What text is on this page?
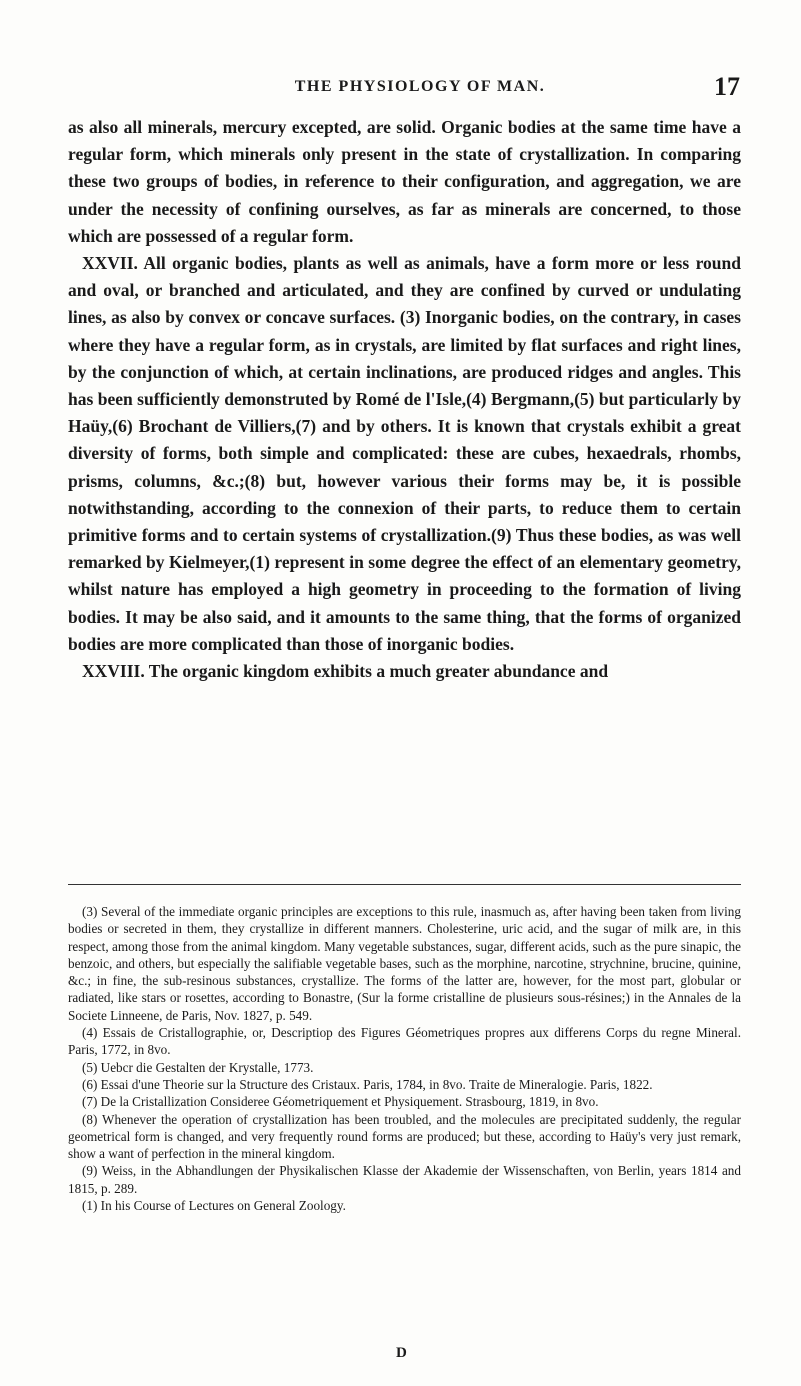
THE PHYSIOLOGY OF MAN.	17

as also all minerals, mercury excepted, are solid. Organic bodies at the same time have a regular form, which minerals only present in the state of crystallization. In comparing these two groups of bodies, in reference to their configuration, and aggregation, we are under the necessity of confining ourselves, as far as minerals are concerned, to those which are possessed of a regular form.

XXVII. All organic bodies, plants as well as animals, have a form more or less round and oval, or branched and articulated, and they are confined by curved or undulating lines, as also by convex or concave surfaces. (3) Inorganic bodies, on the contrary, in cases where they have a regular form, as in crystals, are limited by flat surfaces and right lines, by the conjunction of which, at certain inclinations, are produced ridges and angles. This has been sufficiently demonstruted by Romé de l'Isle,(4) Bergmann,(5) but particularly by Haüy,(6) Brochant de Villiers,(7) and by others. It is known that crystals exhibit a great diversity of forms, both simple and complicated: these are cubes, hexaedrals, rhombs, prisms, columns, &c.;(8) but, however various their forms may be, it is possible notwithstanding, according to the connexion of their parts, to reduce them to certain primitive forms and to certain systems of crystallization.(9) Thus these bodies, as was well remarked by Kielmeyer,(1) represent in some degree the effect of an elementary geometry, whilst nature has employed a high geometry in proceeding to the formation of living bodies. It may be also said, and it amounts to the same thing, that the forms of organized bodies are more complicated than those of inorganic bodies.

XXVIII. The organic kingdom exhibits a much greater abundance and

(3) Several of the immediate organic principles are exceptions to this rule, inasmuch as, after having been taken from living bodies or secreted in them, they crystallize in different manners. Cholesterine, uric acid, and the sugar of milk are, in this respect, among those from the animal kingdom. Many vegetable substances, sugar, different acids, such as the pure sinapic, the benzoic, and others, but especially the salifiable vegetable bases, such as the morphine, narcotine, strychnine, brucine, quinine, &c.; in fine, the sub-resinous substances, crystallize. The forms of the latter are, however, for the most part, globular or radiated, like stars or rosettes, according to Bonastre, (Sur la forme cristalline de plusieurs sous-résines;) in the Annales de la Societe Linneene, de Paris, Nov. 1827, p. 549.

(4) Essais de Cristallographie, or, Descriptiop des Figures Géometriques propres aux differens Corps du regne Mineral. Paris, 1772, in 8vo.

(5) Uebcr die Gestalten der Krystalle, 1773.

(6) Essai d'une Theorie sur la Structure des Cristaux. Paris, 1784, in 8vo. Traite de Mineralogie. Paris, 1822.

(7) De la Cristallization Consideree Géometriquement et Physiquement. Strasbourg, 1819, in 8vo.

(8) Whenever the operation of crystallization has been troubled, and the molecules are precipitated suddenly, the regular geometrical form is changed, and very frequently round forms are produced; but these, according to Haüy's very just remark, show a want of perfection in the mineral kingdom.

(9) Weiss, in the Abhandlungen der Physikalischen Klasse der Akademie der Wissenschaften, von Berlin, years 1814 and 1815, p. 289.

(1) In his Course of Lectures on General Zoology.

D
